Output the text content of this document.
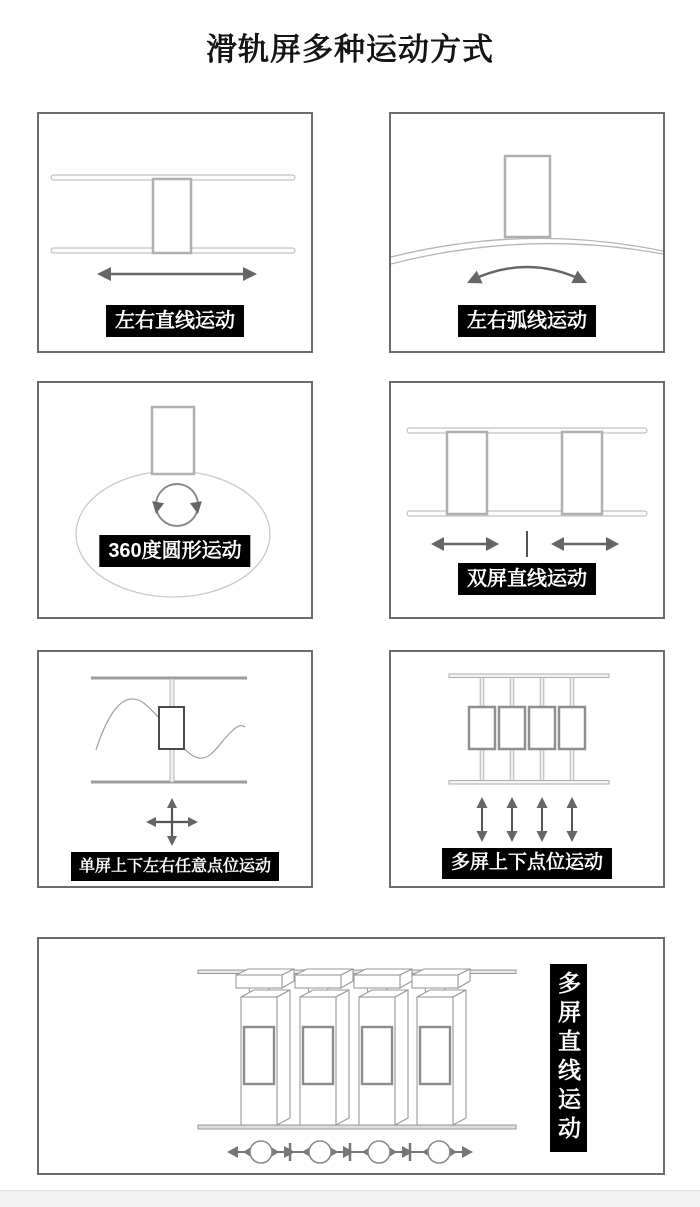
滑轨屏多种运动方式
左右直线运动	左右弧线运动
360度圆形运动
双屏直线运动
单屏上下左右任意点位运动	多屏上下点位运动
多屏直线运动
